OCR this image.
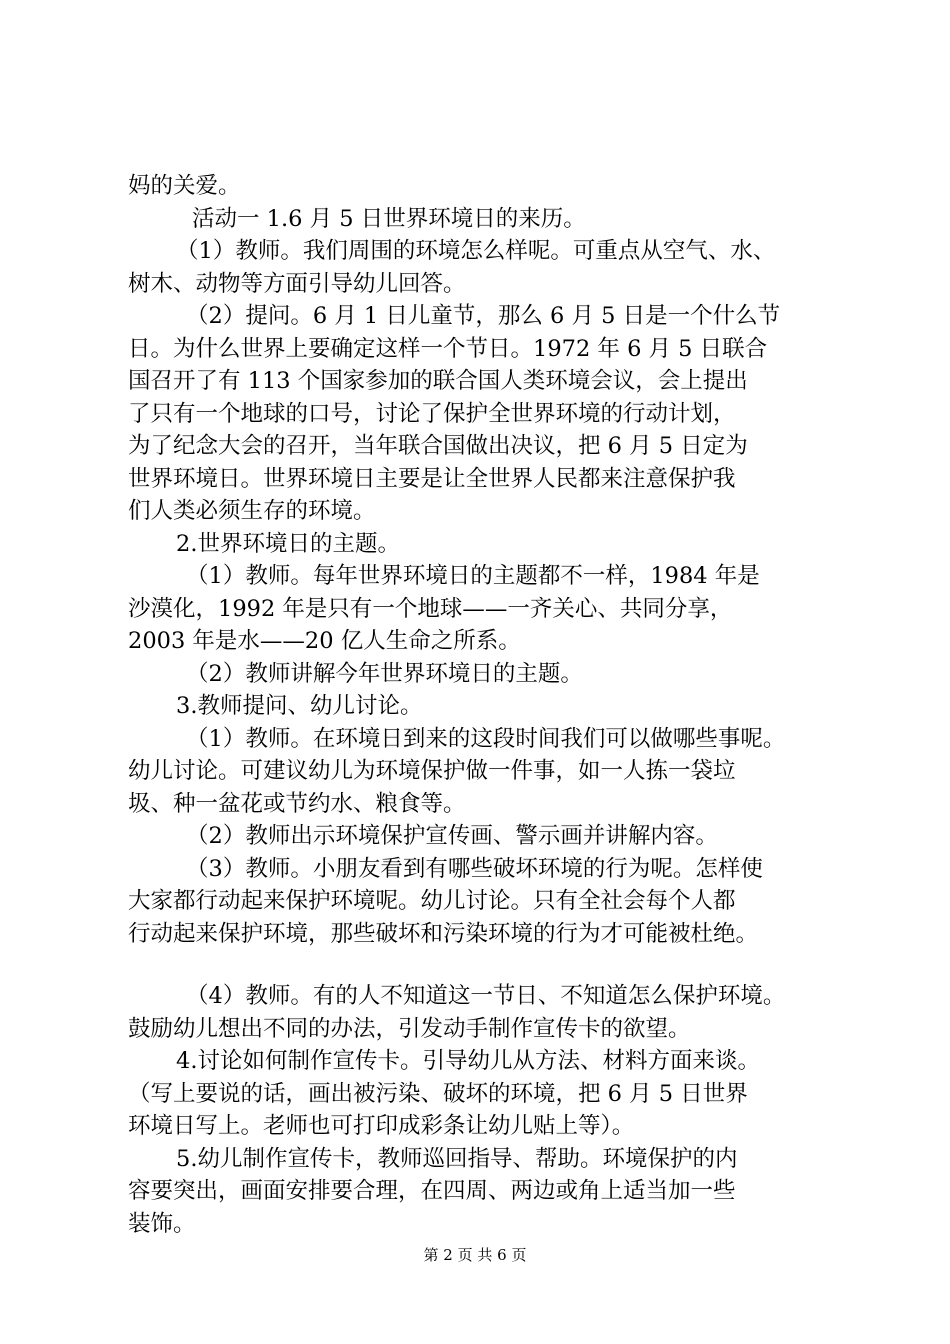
妈的关爱。
活动一 1.6 月 5 日世界环境日的来历。
（1）教师。我们周围的环境怎么样呢。可重点从空气、水、
树木、动物等方面引导幼儿回答。
（2）提问。6 月 1 日儿童节，那么 6 月 5 日是一个什么节
日。为什么世界上要确定这样一个节日。1972 年 6 月 5 日联合
国召开了有 113 个国家参加的联合国人类环境会议，会上提出
了只有一个地球的口号，讨论了保护全世界环境的行动计划，
为了纪念大会的召开，当年联合国做出决议，把 6 月 5 日定为
世界环境日。世界环境日主要是让全世界人民都来注意保护我
们人类必须生存的环境。
2.世界环境日的主题。
（1）教师。每年世界环境日的主题都不一样，1984 年是
沙漠化，1992 年是只有一个地球——一齐关心、共同分享，
2003 年是水——20 亿人生命之所系。
（2）教师讲解今年世界环境日的主题。
3.教师提问、幼儿讨论。
（1）教师。在环境日到来的这段时间我们可以做哪些事呢。
幼儿讨论。可建议幼儿为环境保护做一件事，如一人拣一袋垃
圾、种一盆花或节约水、粮食等。
（2）教师出示环境保护宣传画、警示画并讲解内容。
（3）教师。小朋友看到有哪些破坏环境的行为呢。怎样使
大家都行动起来保护环境呢。幼儿讨论。只有全社会每个人都
行动起来保护环境，那些破坏和污染环境的行为才可能被杜绝。
（4）教师。有的人不知道这一节日、不知道怎么保护环境。
鼓励幼儿想出不同的办法，引发动手制作宣传卡的欲望。
4.讨论如何制作宣传卡。引导幼儿从方法、材料方面来谈。
（写上要说的话，画出被污染、破坏的环境，把 6 月 5 日世界
环境日写上。老师也可打印成彩条让幼儿贴上等）。
5.幼儿制作宣传卡，教师巡回指导、帮助。环境保护的内
容要突出，画面安排要合理，在四周、两边或角上适当加一些
装饰。
第 2 页 共 6 页
